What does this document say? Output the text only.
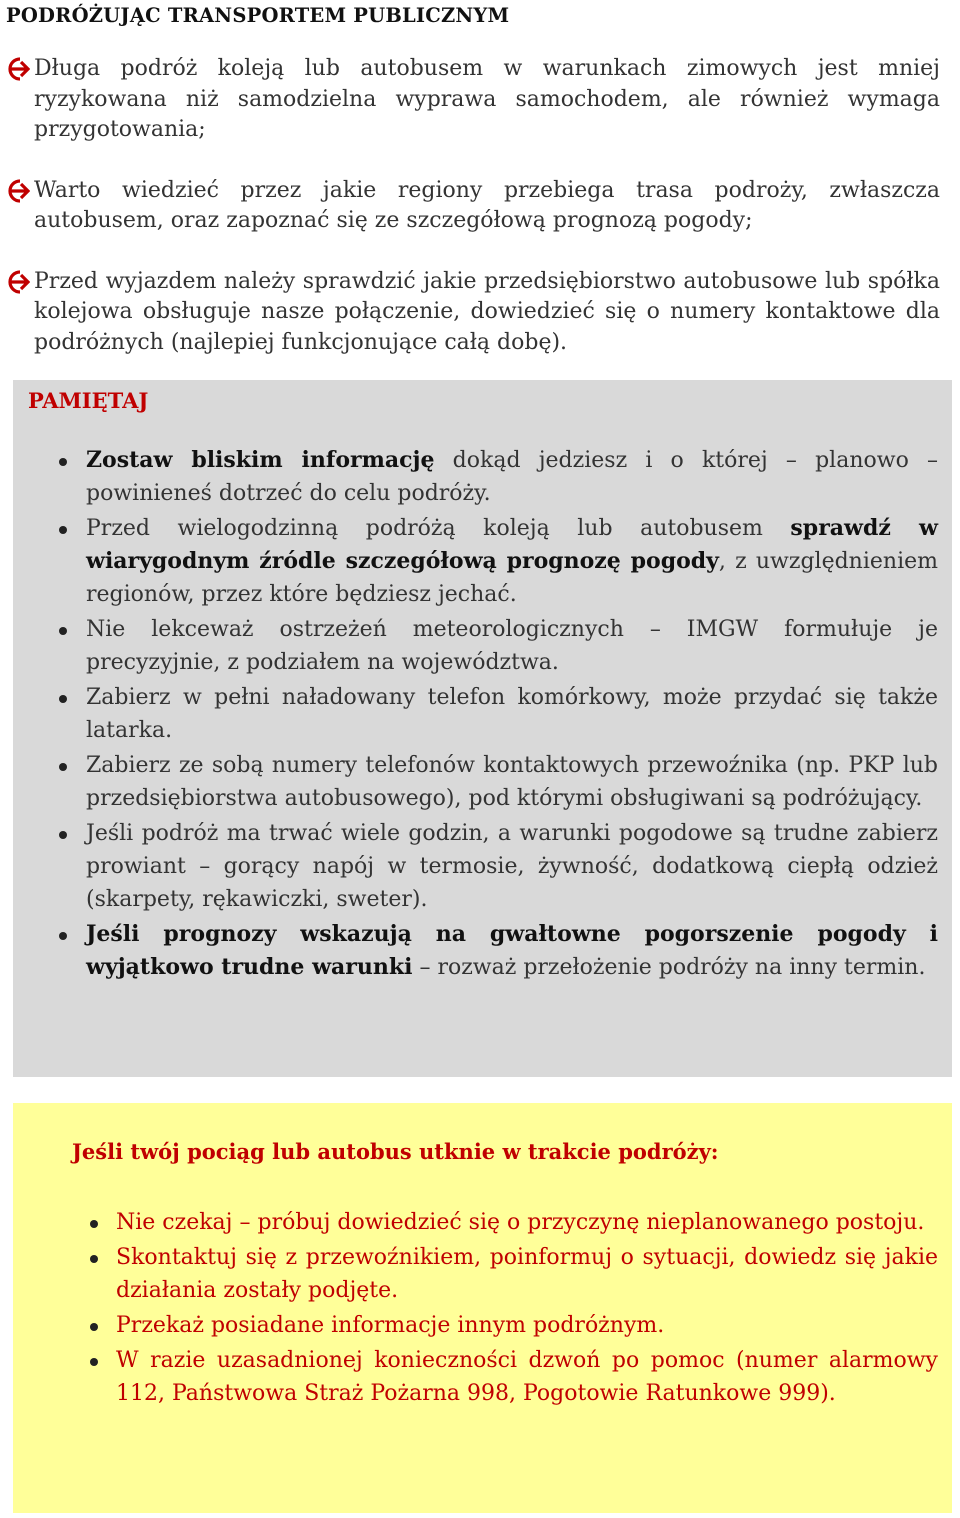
PODRÓŻUJĄC TRANSPORTEM PUBLICZNYM
Długa podróż koleją lub autobusem w warunkach zimowych jest mniej ryzykowana niż samodzielna wyprawa samochodem, ale również wymaga przygotowania;
Warto wiedzieć przez jakie regiony przebiega trasa podroży, zwłaszcza autobusem, oraz zapoznać się ze szczegółową prognozą pogody;
Przed wyjazdem należy sprawdzić jakie przedsiębiorstwo autobusowe lub spółka kolejowa obsługuje nasze połączenie, dowiedzieć się o numery kontaktowe dla podróżnych (najlepiej funkcjonujące całą dobę).
PAMIĘTAJ
Zostaw bliskim informację dokąd jedziesz i o której – planowo – powinieneś dotrzeć do celu podróży.
Przed wielogodzinną podróżą koleją lub autobusem sprawdź w wiarygodnym źródle szczegółową prognozę pogody, z uwzględnieniem regionów, przez które będziesz jechać.
Nie lekceważ ostrzeżeń meteorologicznych – IMGW formułuje je precyzyjnie, z podziałem na województwa.
Zabierz w pełni naładowany telefon komórkowy, może przydać się także latarka.
Zabierz ze sobą numery telefonów kontaktowych przewoźnika (np. PKP lub przedsiębiorstwa autobusowego), pod którymi obsługiwani są podróżujący.
Jeśli podróż ma trwać wiele godzin, a warunki pogodowe są trudne zabierz prowiant – gorący napój w termosie, żywność, dodatkową ciepłą odzież (skarpety, rękawiczki, sweter).
Jeśli prognozy wskazują na gwałtowne pogorszenie pogody i wyjątkowo trudne warunki – rozważ przełożenie podróży na inny termin.
Jeśli twój pociąg lub autobus utknie w trakcie podróży:
Nie czekaj – próbuj dowiedzieć się o przyczynę nieplanowanego postoju.
Skontaktuj się z przewoźnikiem, poinformuj o sytuacji, dowiedz się jakie działania zostały podjęte.
Przekaż posiadane informacje innym podróżnym.
W razie uzasadnionej konieczności dzwoń po pomoc (numer alarmowy 112, Państwowa Straż Pożarna 998, Pogotowie Ratunkowe 999).
